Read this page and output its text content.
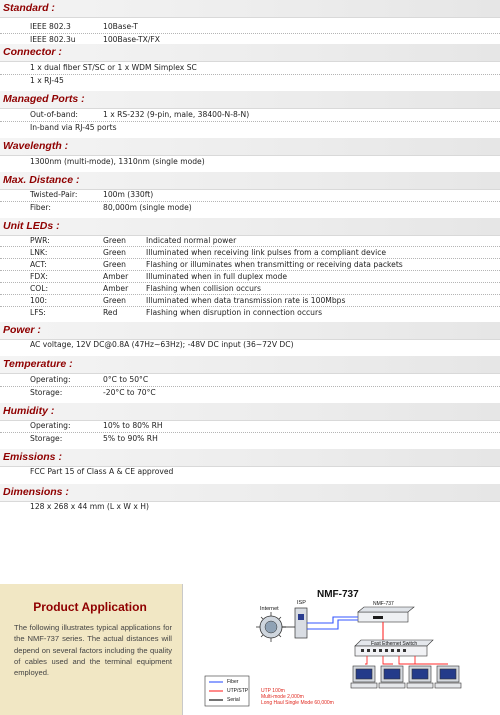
Standard :
IEEE 802.3	10Base-T
IEEE 802.3u	100Base-TX/FX
Connector :
1 x dual fiber ST/SC or 1 x WDM Simplex SC
1 x RJ-45
Managed Ports :
Out-of-band:	1 x RS-232 (9-pin, male, 38400-N-8-N)
In-band via RJ-45 ports
Wavelength :
1300nm (multi-mode), 1310nm (single mode)
Max. Distance :
Twisted-Pair:	100m (330ft)
Fiber:	80,000m (single mode)
Unit LEDs :
PWR:	Green	Indicated normal power
LNK:	Green	Illuminated when receiving link pulses from a compliant device
ACT:	Green	Flashing or illuminates when transmitting or receiving data packets
FDX:	Amber Illuminated when in full duplex mode
COL:	Amber Flashing when collision occurs
100:	Green	Illuminated when data transmission rate is 100Mbps
LFS:	Red	Flashing when disruption in connection occurs
Power :
AC voltage, 12V DC@0.8A (47Hz~63Hz); -48V DC input (36~72V DC)
Temperature :
Operating:	0°C to 50°C
Storage:	-20°C to 70°C
Humidity :
Operating:	10% to 80% RH
Storage:	5% to 90% RH
Emissions :
FCC Part 15 of Class A & CE approved
Dimensions :
128 x 268 x 44 mm (L x W x H)
Product Application
The following illustrates typical applications for the NMF-737 series. The actual distances will depend on several factors including the quality of cables used and the terminal equipment employed.
NMF-737
Internet
ISP	NMF-737
Fast Ethernet Switch
Fiber
UTP/STP
Serial
UTP 100m
Multi-mode 2,000m
Long Haul Single Mode 60,000m
